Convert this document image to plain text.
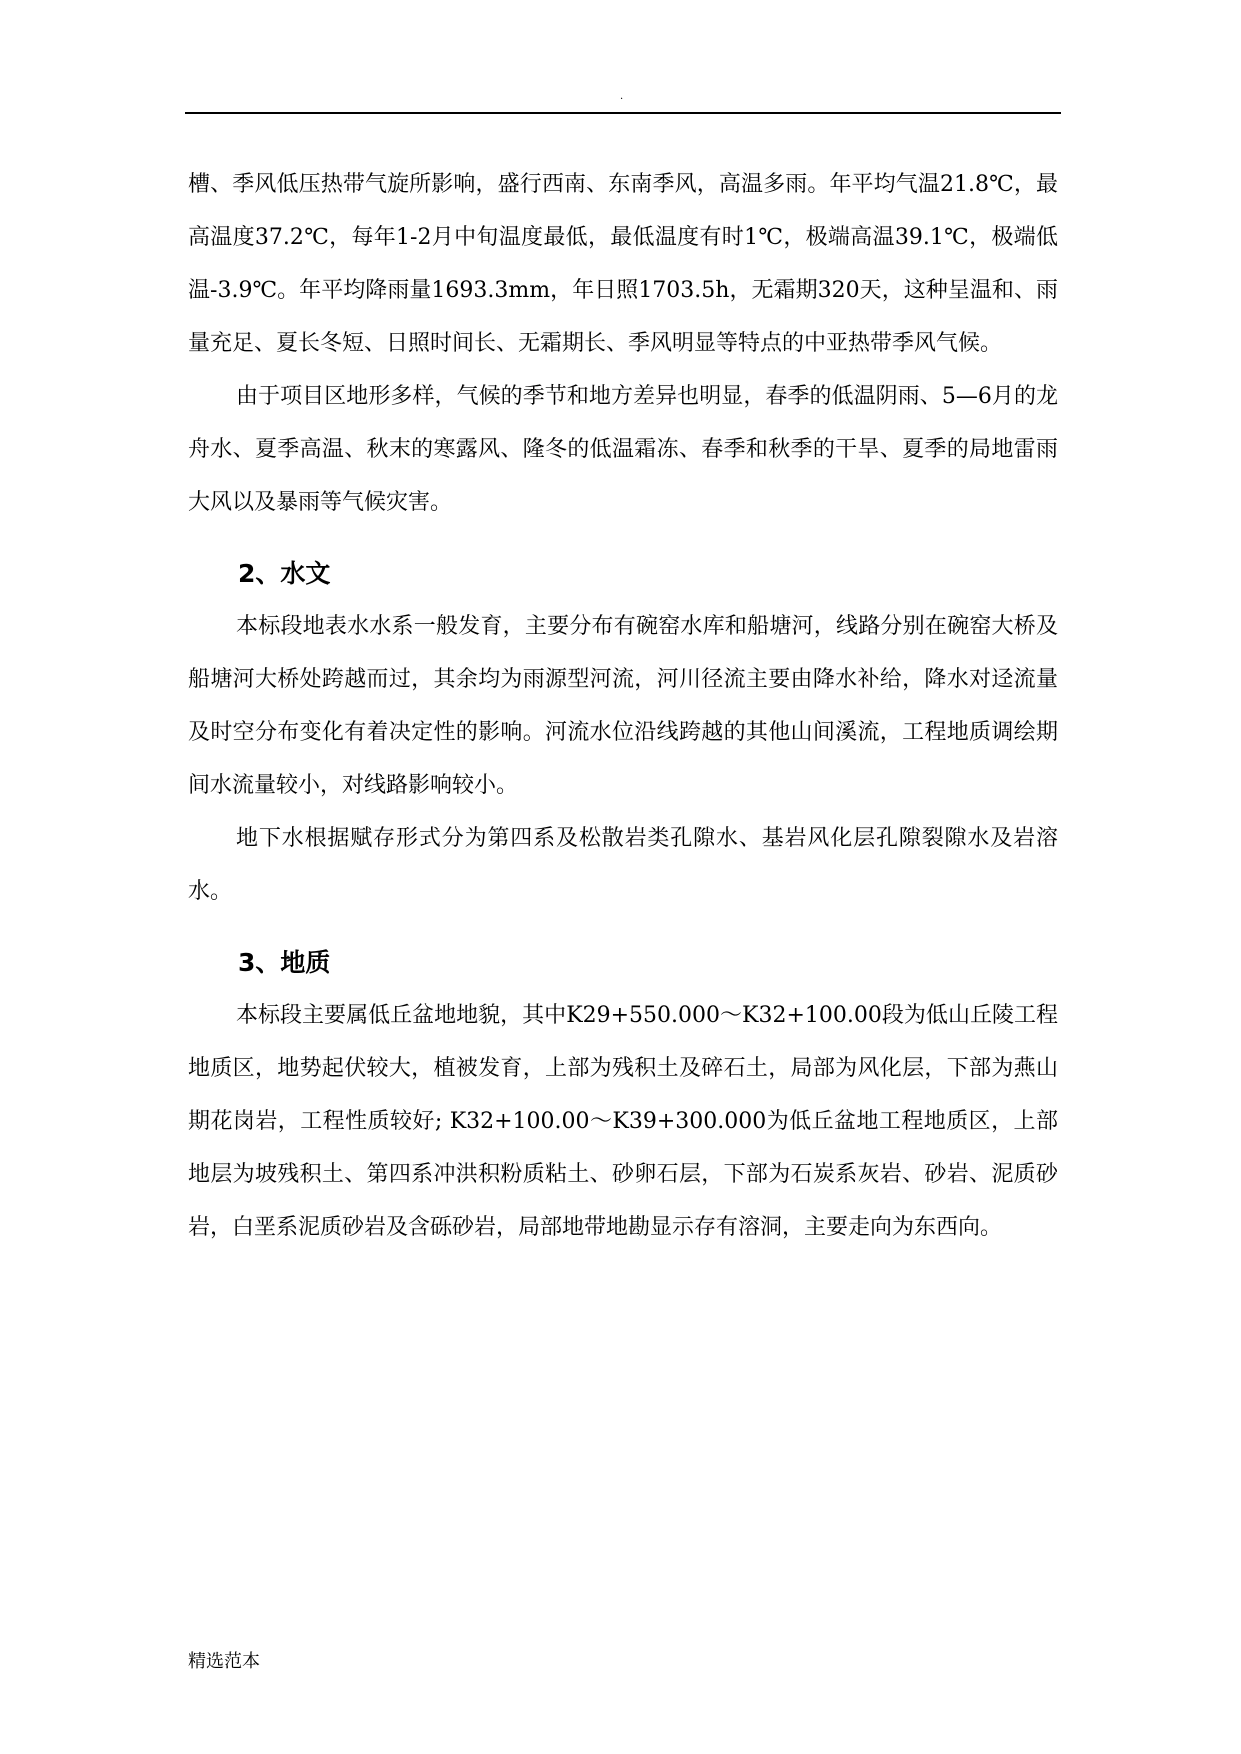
.

槽、季风低压热带气旋所影响，盛行西南、东南季风，高温多雨。年平均气温21.8℃，最高温度37.2℃，每年1-2月中旬温度最低，最低温度有时1℃，极端高温39.1℃，极端低温-3.9℃。年平均降雨量1693.3mm，年日照1703.5h，无霜期320天，这种呈温和、雨量充足、夏长冬短、日照时间长、无霜期长、季风明显等特点的中亚热带季风气候。

由于项目区地形多样，气候的季节和地方差异也明显，春季的低温阴雨、5—6月的龙舟水、夏季高温、秋末的寒露风、隆冬的低温霜冻、春季和秋季的干旱、夏季的局地雷雨大风以及暴雨等气候灾害。

2、水文

本标段地表水水系一般发育，主要分布有碗窑水库和船塘河，线路分别在碗窑大桥及船塘河大桥处跨越而过，其余均为雨源型河流，河川径流主要由降水补给，降水对迳流量及时空分布变化有着决定性的影响。河流水位沿线跨越的其他山间溪流，工程地质调绘期间水流量较小，对线路影响较小。

地下水根据赋存形式分为第四系及松散岩类孔隙水、基岩风化层孔隙裂隙水及岩溶水。

3、地质

本标段主要属低丘盆地地貌，其中K29+550.000～K32+100.00段为低山丘陵工程地质区，地势起伏较大，植被发育，上部为残积土及碎石土，局部为风化层，下部为燕山期花岗岩，工程性质较好; K32+100.00～K39+300.000为低丘盆地工程地质区，上部地层为坡残积土、第四系冲洪积粉质粘土、砂卵石层，下部为石炭系灰岩、砂岩、泥质砂岩，白垩系泥质砂岩及含砾砂岩，局部地带地勘显示存有溶洞，主要走向为东西向。

精选范本
